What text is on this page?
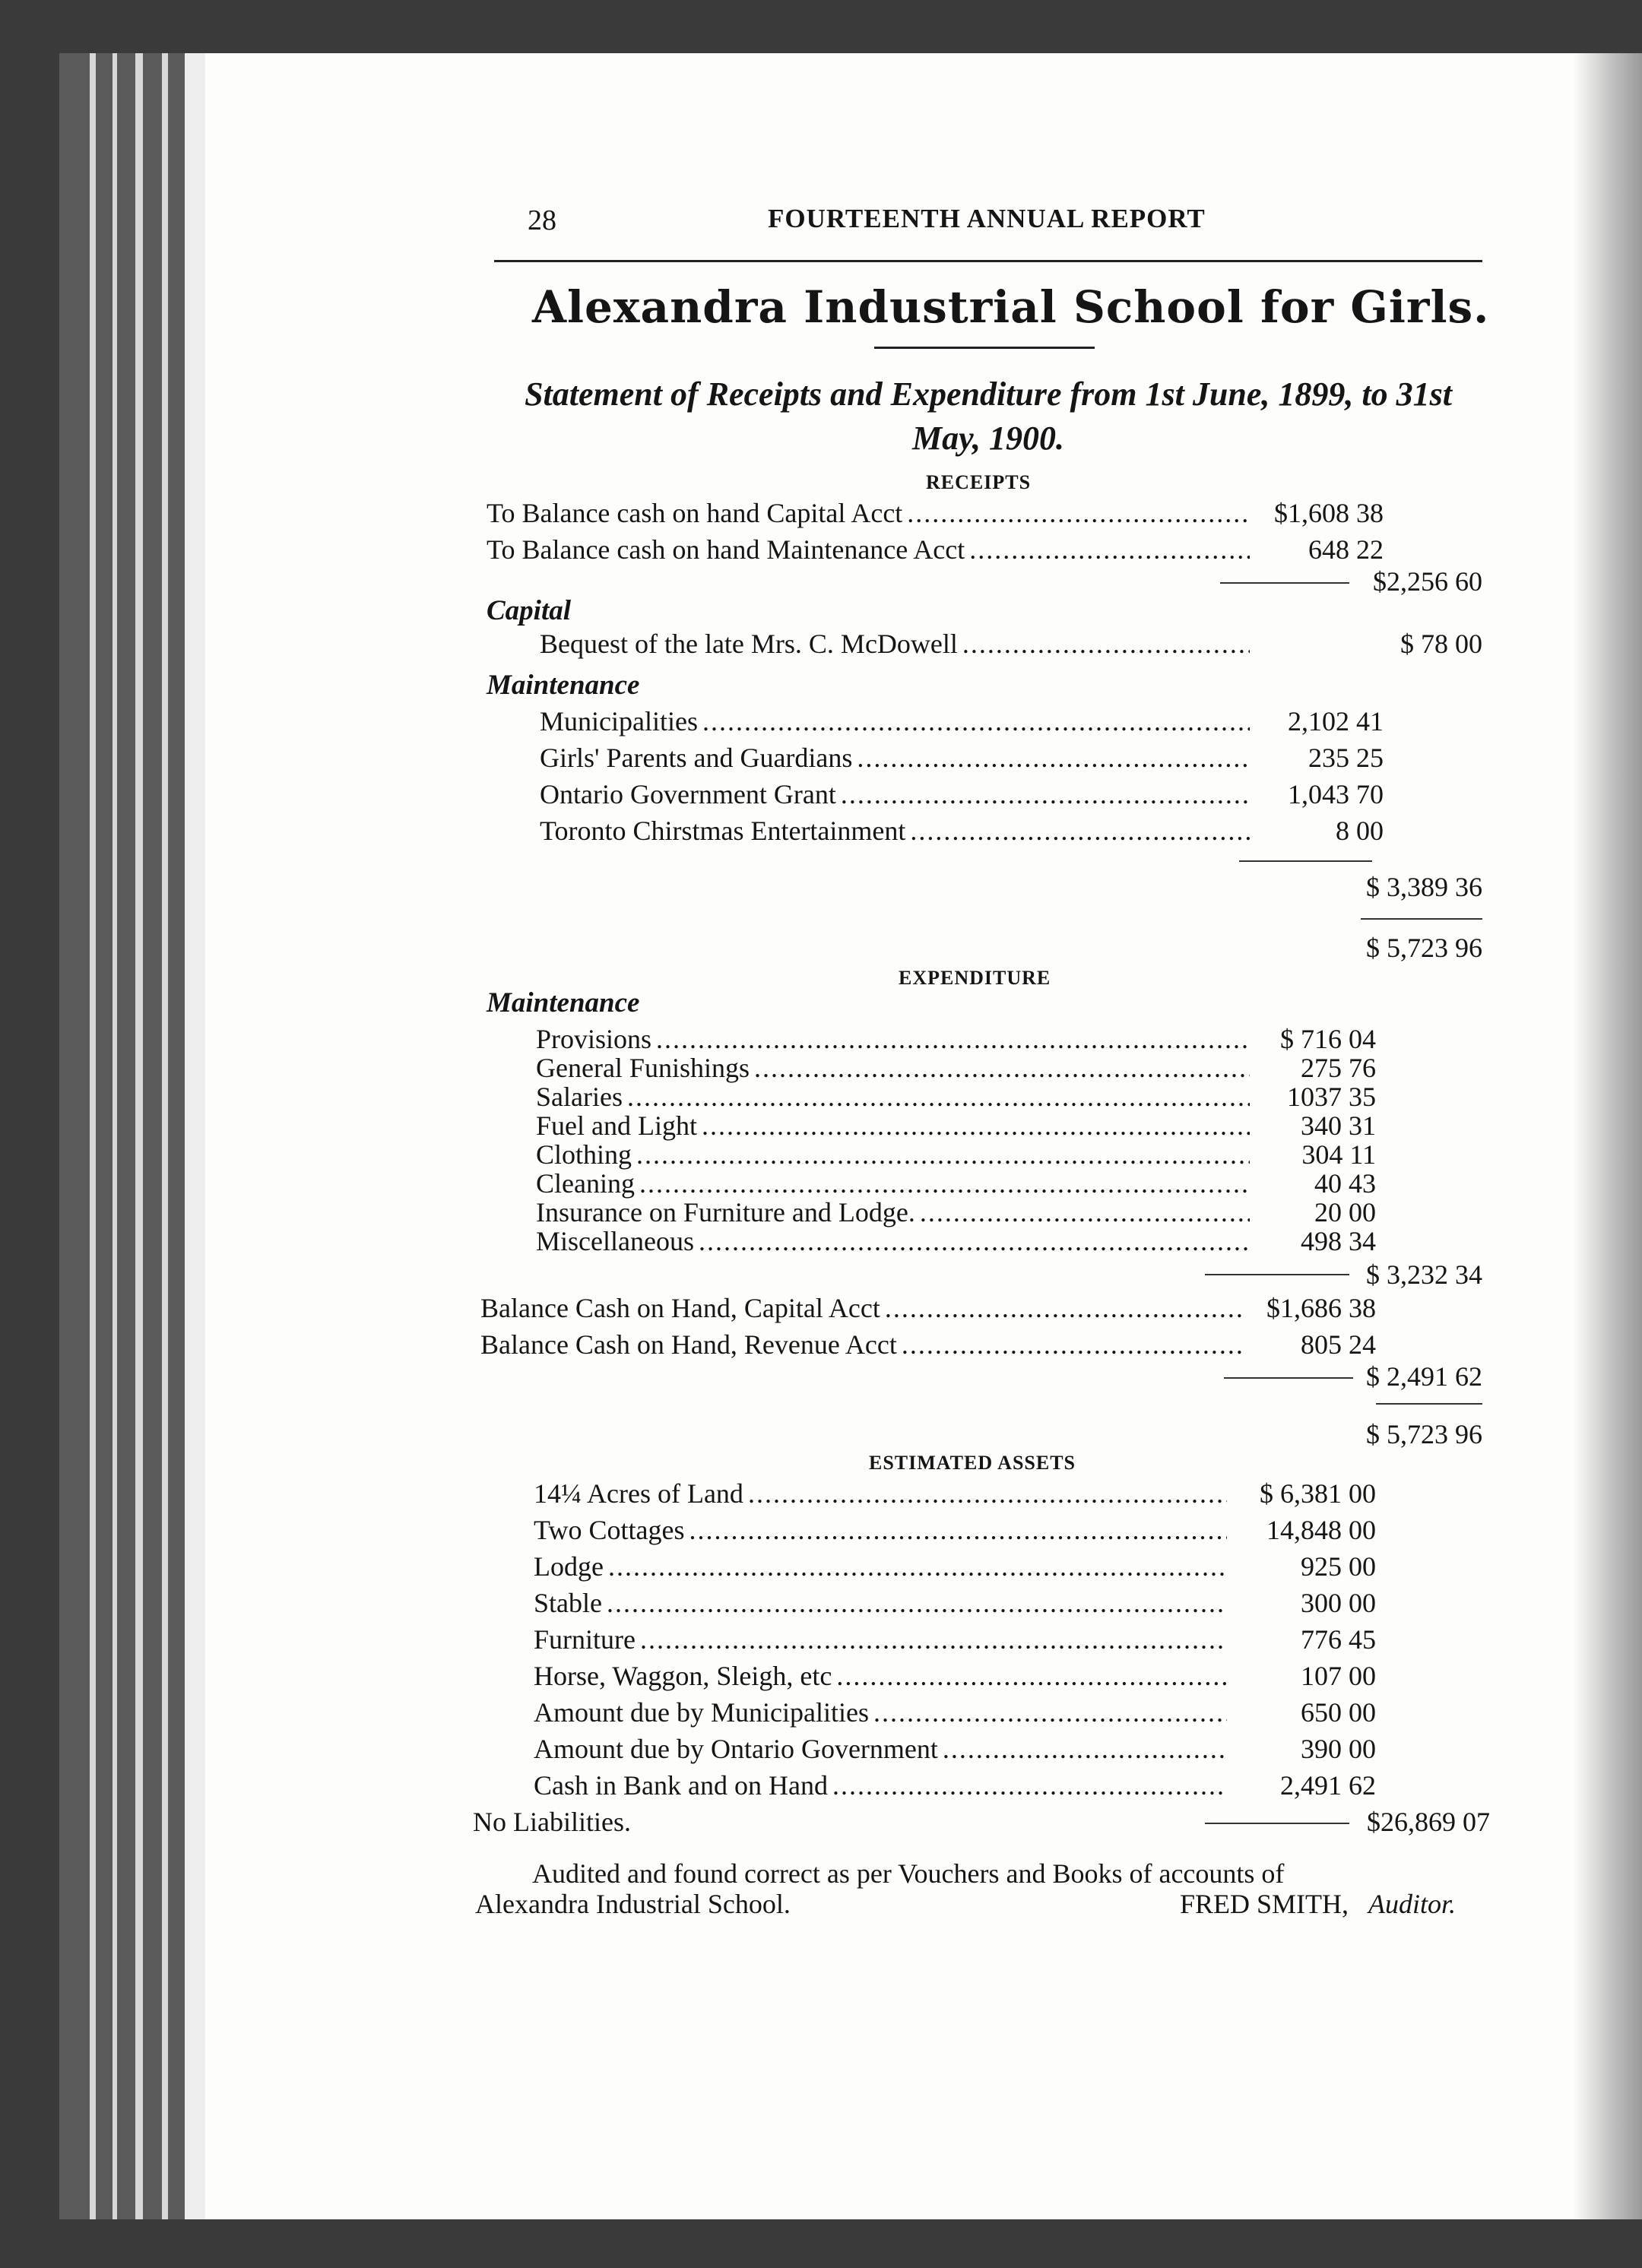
28	FOURTEENTH ANNUAL REPORT
Alexandra Industrial School for Girls.
Statement of Receipts and Expenditure from 1st June, 1899, to 31st May, 1900.
RECEIPTS
To Balance cash on hand Capital Acct .....	$1,608 38
To Balance cash on hand Maintenance Acct .....	648 22
$2,256 60
Capital
Bequest of the late Mrs. C. McDowell .....	$ 78 00
Maintenance
Municipalities .....	2,102 41
Girls' Parents and Guardians .....	235 25
Ontario Government Grant .....	1,043 70
Toronto Chirstmas Entertainment .....	8 00
$ 3,389 36
$ 5,723 96
EXPENDITURE
Maintenance
Provisions .....	$ 716 04
General Funishings .....	275 76
Salaries .....	1037 35
Fuel and Light .....	340 31
Clothing .....	304 11
Cleaning .....	40 43
Insurance on Furniture and Lodge. .....	20 00
Miscellaneous .....	498 34
$ 3,232 34
Balance Cash on Hand, Capital Acct .....	$1,686 38
Balance Cash on Hand, Revenue Acct .....	805 24
$ 2,491 62
$ 5,723 96
ESTIMATED ASSETS
14¼ Acres of Land .....	$ 6,381 00
Two Cottages .....	14,848 00
Lodge .....	925 00
Stable .....	300 00
Furniture .....	776 45
Horse, Waggon, Sleigh, etc .....	107 00
Amount due by Municipalities .....	650 00
Amount due by Ontario Government .....	390 00
Cash in Bank and on Hand .....	2,491 62
No Liabilities.	$26,869 07
Audited and found correct as per Vouchers and Books of accounts of
Alexandra Industrial School.	FRED SMITH, Auditor.
